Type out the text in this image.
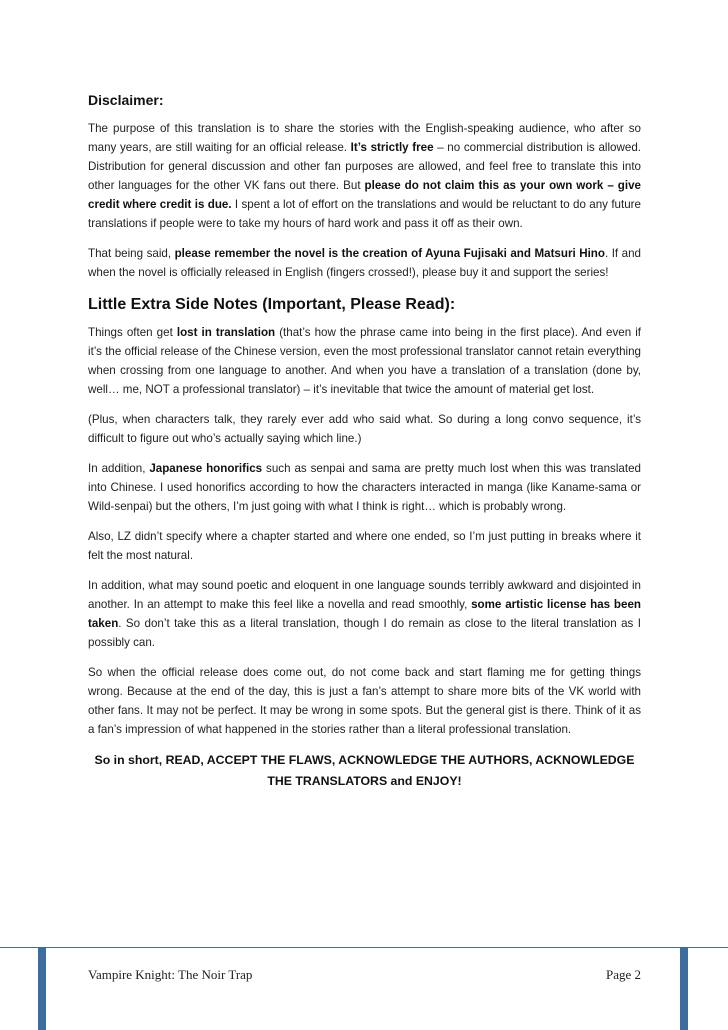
Disclaimer:

The purpose of this translation is to share the stories with the English-speaking audience, who after so many years, are still waiting for an official release. It’s strictly free – no commercial distribution is allowed. Distribution for general discussion and other fan purposes are allowed, and feel free to translate this into other languages for the other VK fans out there. But please do not claim this as your own work – give credit where credit is due. I spent a lot of effort on the translations and would be reluctant to do any future translations if people were to take my hours of hard work and pass it off as their own.

That being said, please remember the novel is the creation of Ayuna Fujisaki and Matsuri Hino. If and when the novel is officially released in English (fingers crossed!), please buy it and support the series!

Little Extra Side Notes (Important, Please Read):

Things often get lost in translation (that’s how the phrase came into being in the first place). And even if it’s the official release of the Chinese version, even the most professional translator cannot retain everything when crossing from one language to another. And when you have a translation of a translation (done by, well… me, NOT a professional translator) – it’s inevitable that twice the amount of material get lost.

(Plus, when characters talk, they rarely ever add who said what. So during a long convo sequence, it’s difficult to figure out who’s actually saying which line.)

In addition, Japanese honorifics such as senpai and sama are pretty much lost when this was translated into Chinese. I used honorifics according to how the characters interacted in manga (like Kaname-sama or Wild-senpai) but the others, I’m just going with what I think is right… which is probably wrong.

Also, LZ didn’t specify where a chapter started and where one ended, so I’m just putting in breaks where it felt the most natural.

In addition, what may sound poetic and eloquent in one language sounds terribly awkward and disjointed in another. In an attempt to make this feel like a novella and read smoothly, some artistic license has been taken. So don’t take this as a literal translation, though I do remain as close to the literal translation as I possibly can.

So when the official release does come out, do not come back and start flaming me for getting things wrong. Because at the end of the day, this is just a fan’s attempt to share more bits of the VK world with other fans. It may not be perfect. It may be wrong in some spots. But the general gist is there. Think of it as a fan’s impression of what happened in the stories rather than a literal professional translation.

So in short, READ, ACCEPT THE FLAWS, ACKNOWLEDGE THE AUTHORS, ACKNOWLEDGE
THE TRANSLATORS and ENJOY!
Vampire Knight: The Noir Trap	Page 2
